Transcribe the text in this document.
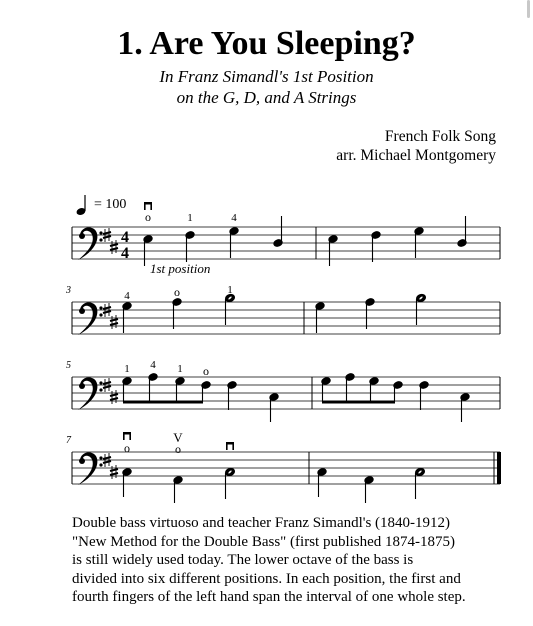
1. Are You Sleeping?
In Franz Simandl's 1st Position
on the G, D, and A Strings
French Folk Song
arr. Michael Montgomery
= 100
4
4
o	1	4
1st position
3	4	o	1
5	1 4 1 o
7
o
V
o
Double bass virtuoso and teacher Franz Simandl's (1840-1912)
"New Method for the Double Bass" (first published 1874-1875)
is still widely used today. The lower octave of the bass is
divided into six different positions. In each position, the first and
fourth fingers of the left hand span the interval of one whole step.
